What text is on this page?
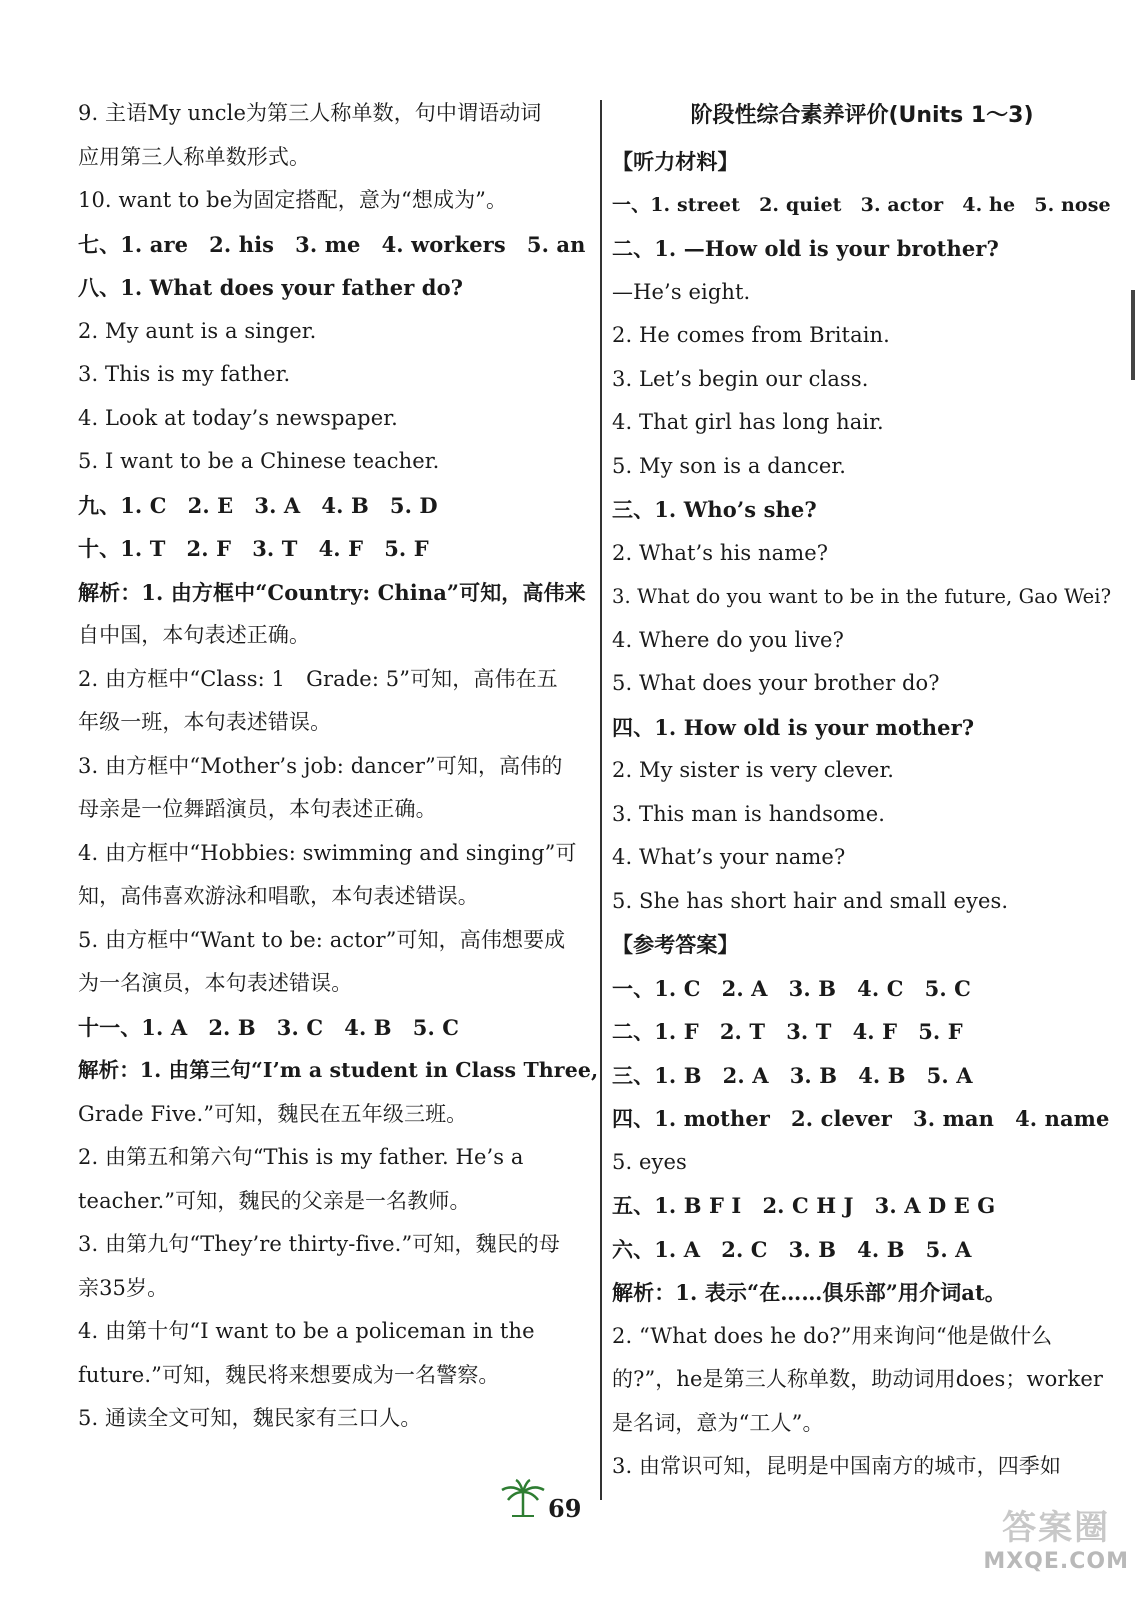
9. 主语My uncle为第三人称单数，句中谓语动词
应用第三人称单数形式。
10. want to be为固定搭配，意为“想成为”。
七、1. are　2. his　3. me　4. workers　5. an
八、1. What does your father do?
2. My aunt is a singer.
3. This is my father.
4. Look at today’s newspaper.
5. I want to be a Chinese teacher.
九、1. C　2. E　3. A　4. B　5. D
十、1. T　2. F　3. T　4. F　5. F
解析：1. 由方框中“Country: China”可知，高伟来
自中国，本句表述正确。
2. 由方框中“Class: 1　Grade: 5”可知，高伟在五
年级一班，本句表述错误。
3. 由方框中“Mother’s job: dancer”可知，高伟的
母亲是一位舞蹈演员，本句表述正确。
4. 由方框中“Hobbies: swimming and singing”可
知，高伟喜欢游泳和唱歌，本句表述错误。
5. 由方框中“Want to be: actor”可知，高伟想要成
为一名演员，本句表述错误。
十一、1. A　2. B　3. C　4. B　5. C
解析：1. 由第三句“I’m a student in Class Three,
Grade Five.”可知，魏民在五年级三班。
2. 由第五和第六句“This is my father. He’s a
teacher.”可知，魏民的父亲是一名教师。
3. 由第九句“They’re thirty-five.”可知，魏民的母
亲35岁。
4. 由第十句“I want to be a policeman in the
future.”可知，魏民将来想要成为一名警察。
5. 通读全文可知，魏民家有三口人。
阶段性综合素养评价(Units 1～3)
【听力材料】
一、1. street　2. quiet　3. actor　4. he　5. nose
二、1. —How old is your brother?
—He’s eight.
2. He comes from Britain.
3. Let’s begin our class.
4. That girl has long hair.
5. My son is a dancer.
三、1. Who’s she?
2. What’s his name?
3. What do you want to be in the future, Gao Wei?
4. Where do you live?
5. What does your brother do?
四、1. How old is your mother?
2. My sister is very clever.
3. This man is handsome.
4. What’s your name?
5. She has short hair and small eyes.
【参考答案】
一、1. C　2. A　3. B　4. C　5. C
二、1. F　2. T　3. T　4. F　5. F
三、1. B　2. A　3. B　4. B　5. A
四、1. mother　2. clever　3. man　4. name
5. eyes
五、1. B F I　2. C H J　3. A D E G
六、1. A　2. C　3. B　4. B　5. A
解析：1. 表示“在……俱乐部”用介词at。
2. “What does he do?”用来询问“他是做什么
的?”，he是第三人称单数，助动词用does；worker
是名词，意为“工人”。
3. 由常识可知，昆明是中国南方的城市，四季如
69	答案圈
MXQE.COM
